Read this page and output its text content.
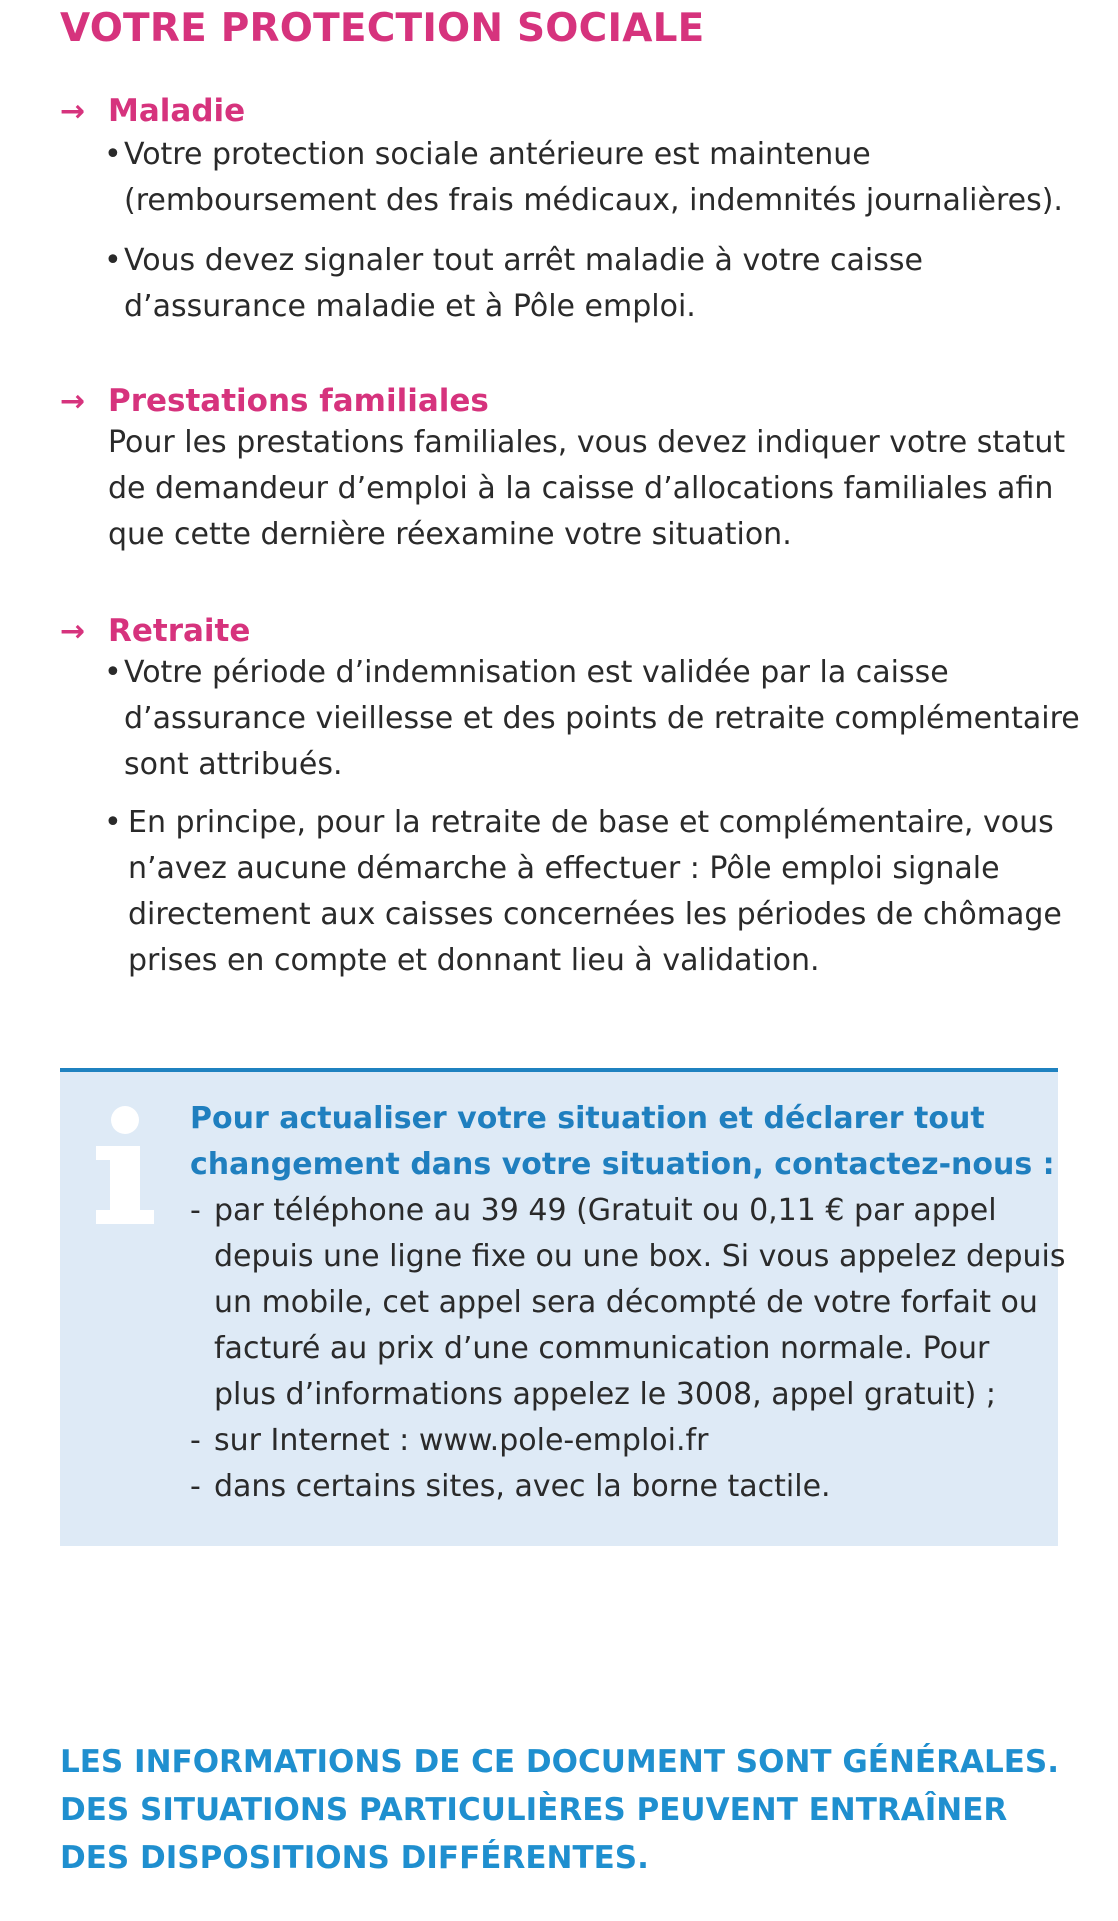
VOTRE PROTECTION SOCIALE
→ Maladie
• Votre protection sociale antérieure est maintenue
(remboursement des frais médicaux, indemnités journalières).
• Vous devez signaler tout arrêt maladie à votre caisse
d’assurance maladie et à Pôle emploi.
→ Prestations familiales
Pour les prestations familiales, vous devez indiquer votre statut
de demandeur d’emploi à la caisse d’allocations familiales afin
que cette dernière réexamine votre situation.
→ Retraite
• Votre période d’indemnisation est validée par la caisse
d’assurance vieillesse et des points de retraite complémentaire
sont attribués.
• En principe, pour la retraite de base et complémentaire, vous
n’avez aucune démarche à effectuer : Pôle emploi signale
directement aux caisses concernées les périodes de chômage
prises en compte et donnant lieu à validation.
Pour actualiser votre situation et déclarer tout
changement dans votre situation, contactez-nous :
- par téléphone au 39 49 (Gratuit ou 0,11 € par appel
depuis une ligne fixe ou une box. Si vous appelez depuis
un mobile, cet appel sera décompté de votre forfait ou
facturé au prix d’une communication normale. Pour
plus d’informations appelez le 3008, appel gratuit) ;
- sur Internet : www.pole-emploi.fr
- dans certains sites, avec la borne tactile.
LES INFORMATIONS DE CE DOCUMENT SONT GÉNÉRALES.
DES SITUATIONS PARTICULIÈRES PEUVENT ENTRAÎNER
DES DISPOSITIONS DIFFÉRENTES.
